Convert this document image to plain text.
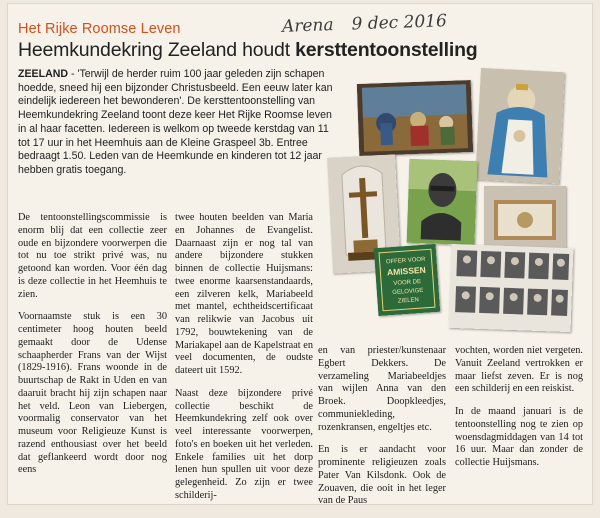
Het Rijke Roomse Leven	Arena 9 dec 2016
Heemkundekring Zeeland houdt kersttentoonstelling
ZEELAND - 'Terwijl de herder ruim 100 jaar geleden zijn schapen hoedde, sneed hij een bijzonder Christusbeeld. Een eeuw later kan eindelijk iedereen het bewonderen'. De kersttentoonstelling van Heemkundekring Zeeland toont deze keer Het Rijke Roomse leven in al haar facetten. Iedereen is welkom op tweede kerstdag van 11 tot 17 uur in het Heemhuis aan de Kleine Graspeel 3b. Entree bedraagt 1.50. Leden van de Heemkunde en kinderen tot 12 jaar hebben gratis toegang.

De tentoonstellingscommissie is enorm blij dat een collectie zeer oude en bijzondere voorwerpen die tot nu toe strikt privé was, nu getoond kan worden. Voor één dag is deze collectie in het Heemhuis te zien.

Voornaamste stuk is een 30 centimeter hoog houten beeld gemaakt door de Udense schaapherder Frans van der Wijst (1829-1916). Frans woonde in de buurtschap de Rakt in Uden en van daaruit bracht hij zijn schapen naar het veld. Leon van Liebergen, voormalig conservator van het museum voor Religieuze Kunst is razend enthousiast over het beeld dat geflankeerd wordt door nog eens

twee houten beelden van Maria en Johannes de Evangelist. Daarnaast zijn er nog tal van andere bijzondere stukken binnen de collectie Huijsmans: twee enorme kaarsenstandaards, een zilveren kelk, Mariabeeld met mantel, echtheidscertificaat van relikwie van Jacobus uit 1792, bouwtekening van de Mariakapel aan de Kapelstraat en veel documenten, de oudste dateert uit 1592.

Naast deze bijzondere privé collectie beschikt de Heemkundekring zelf ook over veel interessante voorwerpen, foto's en boeken uit het verleden. Enkele families uit het dorp lenen hun spullen uit voor deze gelegenheid. Zo zijn er twee schilderij-

en van priester/kunstenaar Egbert Dekkers. De verzameling Mariabeeldjes van wijlen Anna van den Broek. Doopkleedjes, communiekleding, rozenkransen, engeltjes etc.

En is er aandacht voor prominente religieuzen zoals Pater Van Kilsdonk. Ook de Zouaven, die ooit in het leger van de Paus

vochten, worden niet vergeten. Vanuit Zeeland vertrokken er maar liefst zeven. Er is nog een schilderij en een reiskist.

In de maand januari is de tentoonstelling nog te zien op woensdagmiddagen van 14 tot 16 uur. Maar dan zonder de collectie Huijsmans.

OFFER VOOR
AMISSEN
VOOR DE
GELOVIGE
ZIELEN
